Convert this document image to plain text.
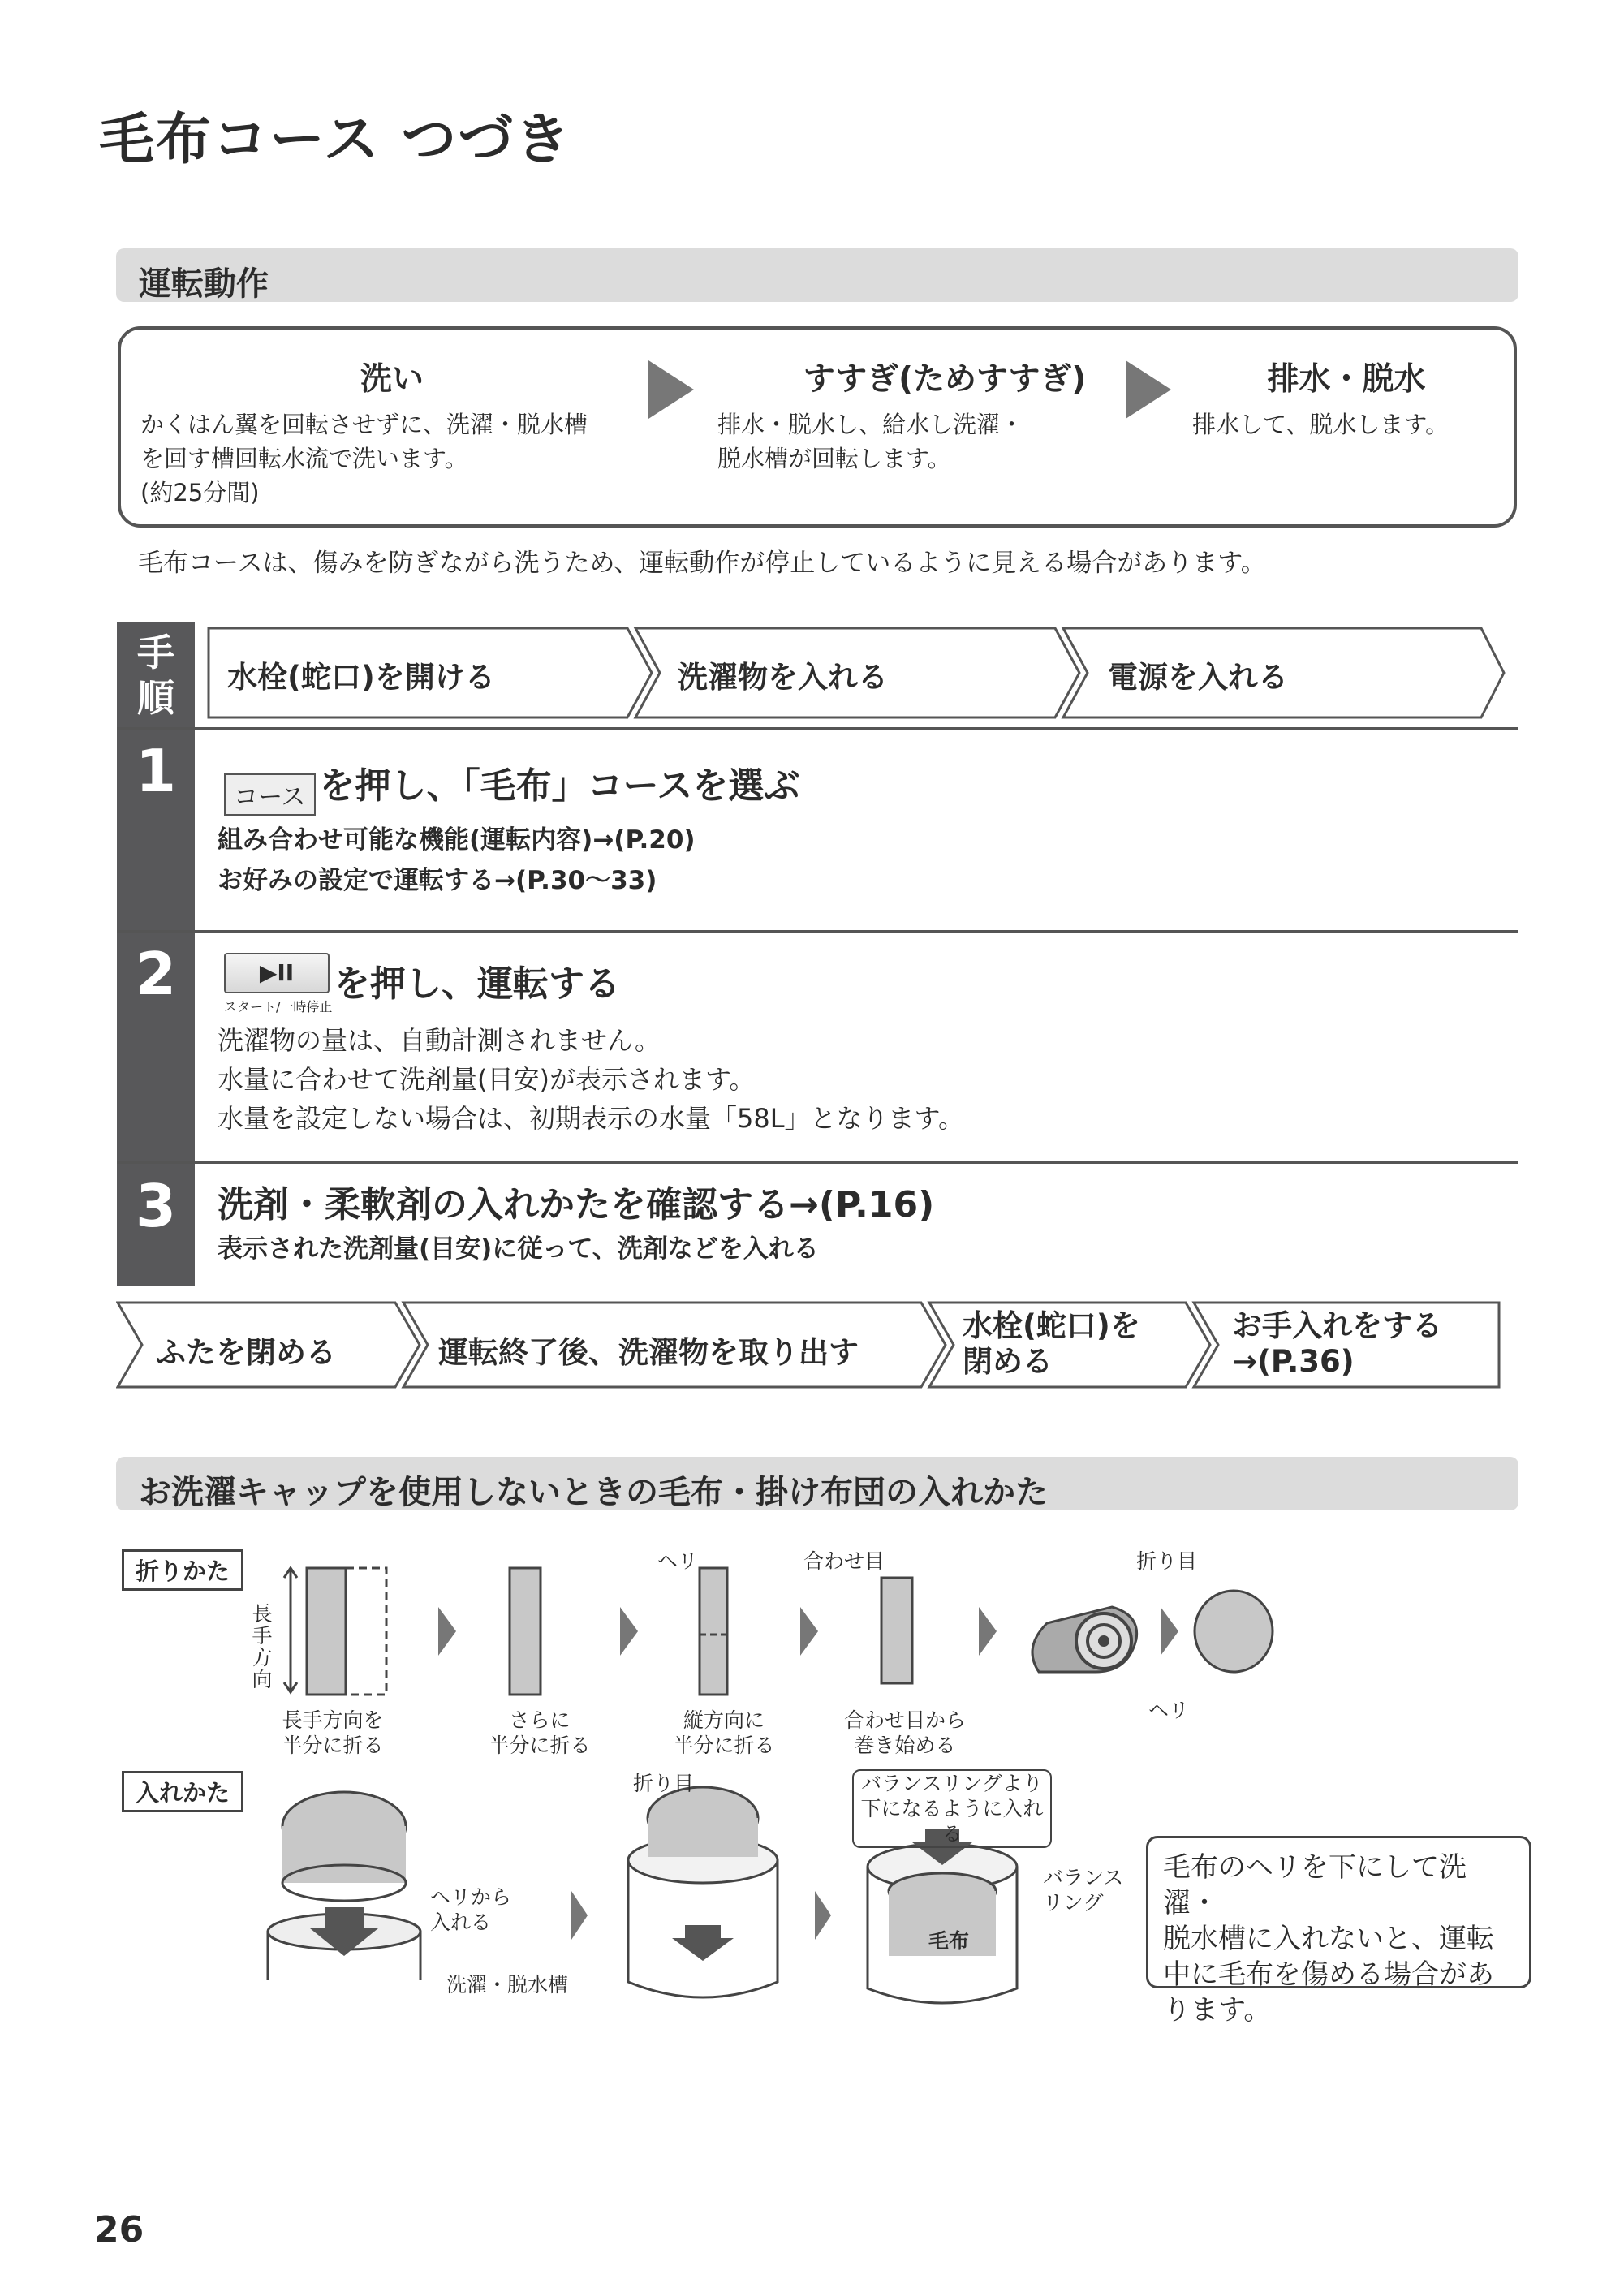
毛布コース つづき
運転動作
洗い
かくはん翼を回転させずに、洗濯・脱水槽
を回す槽回転水流で洗います。
(約25分間)
すすぎ(ためすすぎ)
排水・脱水し、給水し洗濯・
脱水槽が回転します。
排水・脱水
排水して、脱水します。
毛布コースは、傷みを防ぎながら洗うため、運転動作が停止しているように見える場合があります。
手
順	水栓(蛇口)を開ける	洗濯物を入れる	電源を入れる
1	コース を押し、「毛布」コースを選ぶ
組み合わせ可能な機能(運転内容)→(P.20)
お好みの設定で運転する→(P.30～33)
2	▶II
スタート/一時停止
を押し、運転する
洗濯物の量は、自動計測されません。
水量に合わせて洗剤量(目安)が表示されます。
水量を設定しない場合は、初期表示の水量「58L」となります。
3	洗剤・柔軟剤の入れかたを確認する→(P.16)
表示された洗剤量(目安)に従って、洗剤などを入れる
ふたを閉める	運転終了後、洗濯物を取り出す
水栓(蛇口)を
閉める
お手入れをする
→(P.36)
お洗濯キャップを使用しないときの毛布・掛け布団の入れかた
折りかた
入れかた
長
手
方
向
ヘリ	合わせ目	折り目
ヘリ
長手方向を
半分に折る
さらに
半分に折る
縦方向に
半分に折る
合わせ目から
巻き始める
折り目	バランスリングより
下になるように入れる
ヘリから
入れる
洗濯・脱水槽
バランス
リング
毛布
毛布のヘリを下にして洗濯・
脱水槽に入れないと、運転
中に毛布を傷める場合があ
ります。
26
